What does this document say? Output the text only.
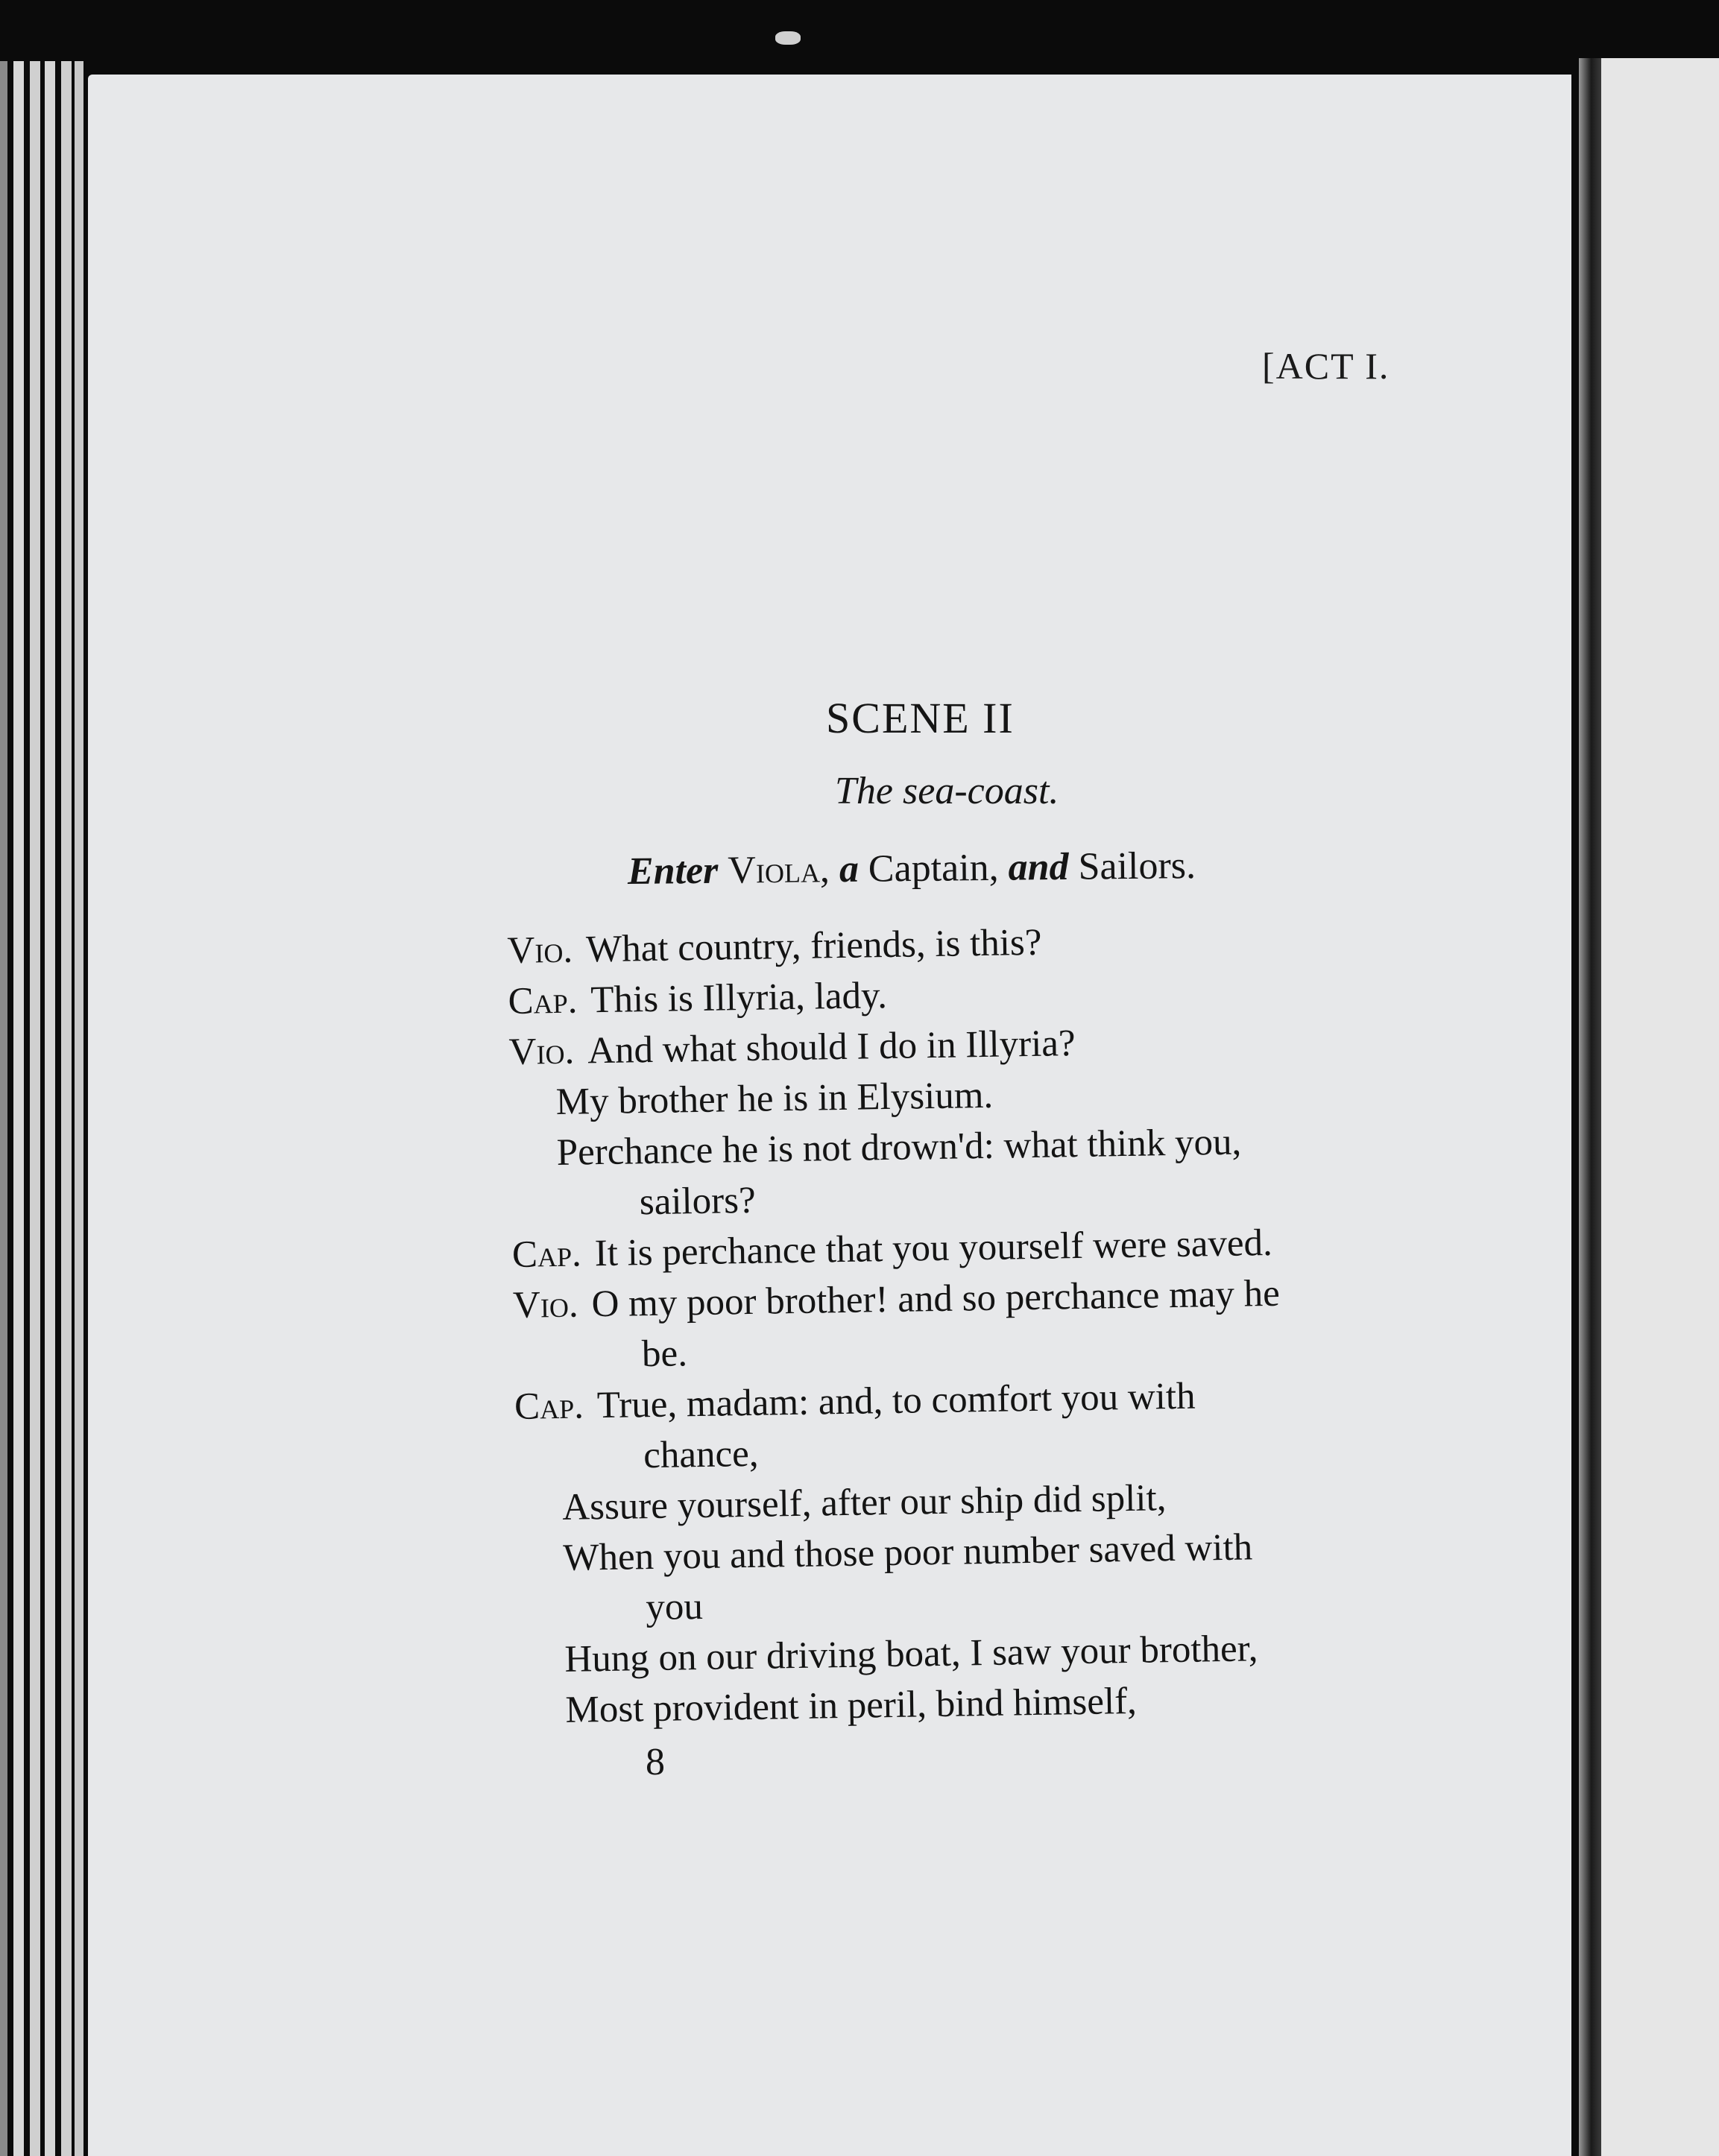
[ACT I.
SCENE II
The sea-coast.
Enter Viola, a Captain, and Sailors.
Vio. What country, friends, is this?
Cap. This is Illyria, lady.
Vio. And what should I do in Illyria?
My brother he is in Elysium.
Perchance he is not drown'd: what think you,
sailors?
Cap. It is perchance that you yourself were saved.
Vio. O my poor brother! and so perchance may he
be.
Cap. True, madam: and, to comfort you with
chance,
Assure yourself, after our ship did split,
When you and those poor number saved with
you
Hung on our driving boat, I saw your brother,
Most provident in peril, bind himself,
8
